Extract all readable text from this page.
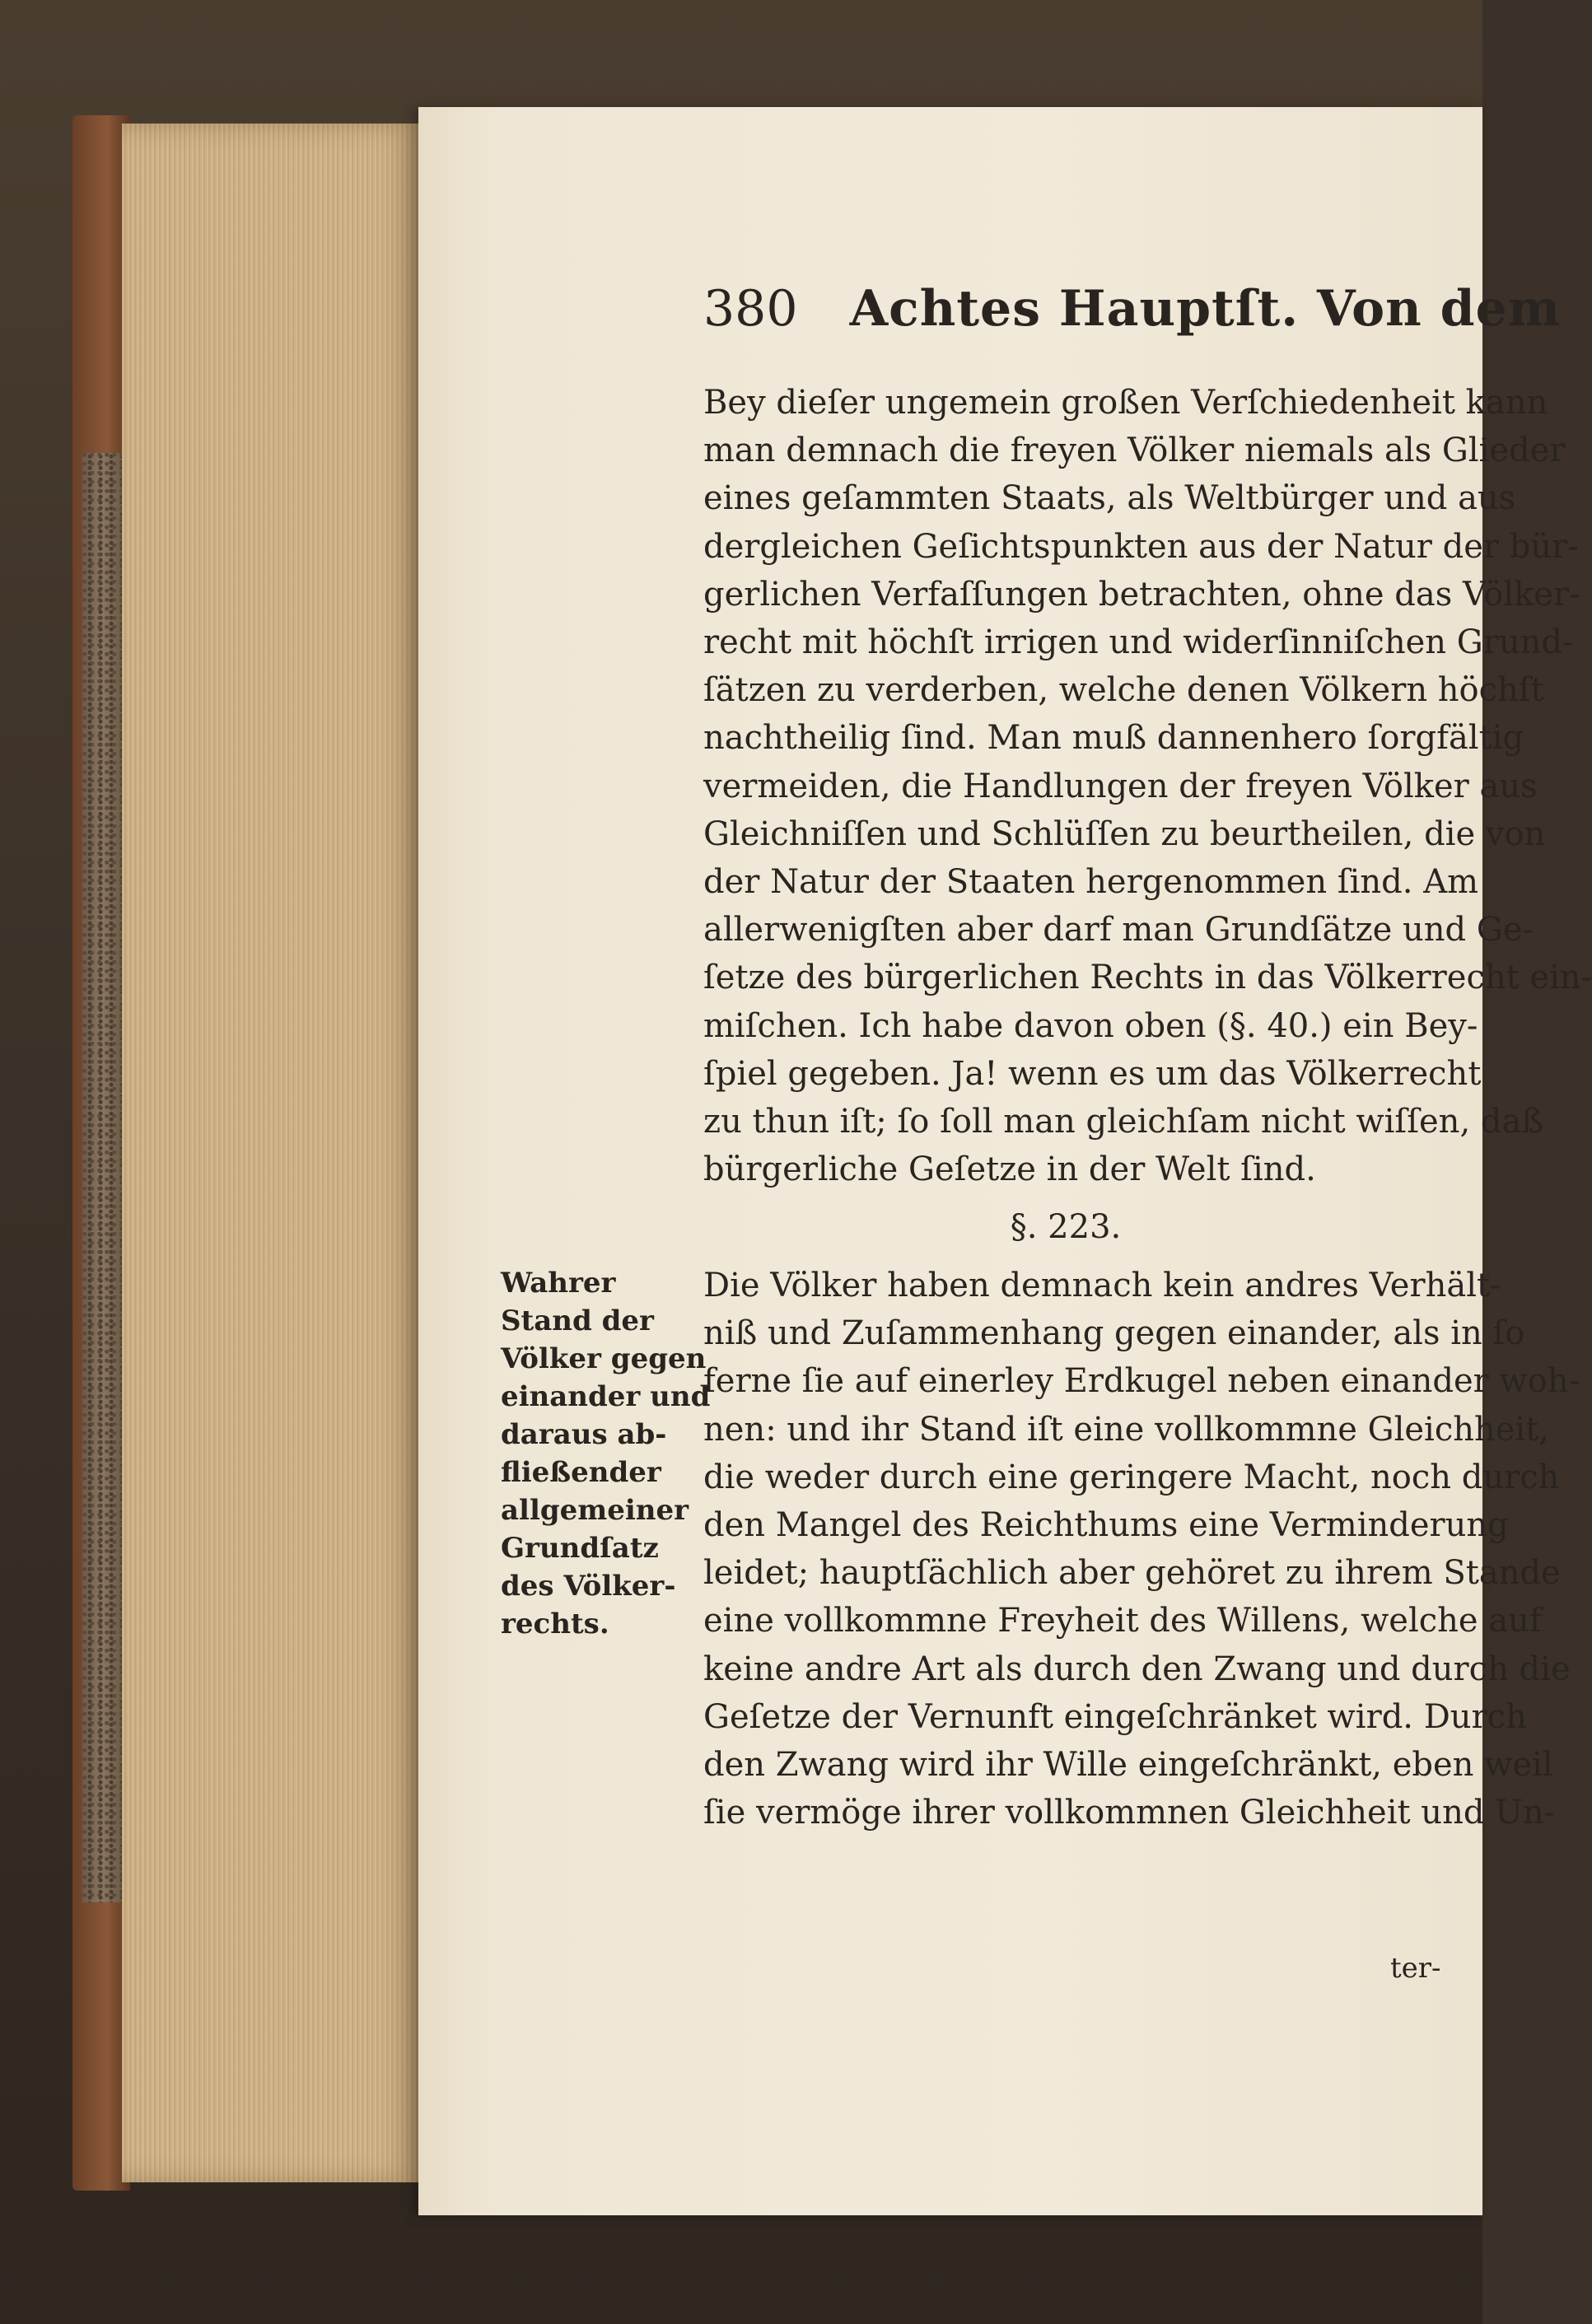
380 Achtes Hauptſt. Von dem
Bey dieſer ungemein großen Verſchiedenheit kann
man demnach die freyen Völker niemals als Glieder
eines geſammten Staats, als Weltbürger und aus
dergleichen Geſichtspunkten aus der Natur der bür-
gerlichen Verfaſſungen betrachten, ohne das Völker-
recht mit höchſt irrigen und widerſinniſchen Grund-
ſätzen zu verderben, welche denen Völkern höchſt
nachtheilig ſind. Man muß dannenhero ſorgfältig
vermeiden, die Handlungen der freyen Völker aus
Gleichniſſen und Schlüſſen zu beurtheilen, die von
der Natur der Staaten hergenommen ſind. Am
allerwenigſten aber darf man Grundſätze und Ge-
ſetze des bürgerlichen Rechts in das Völkerrecht ein-
miſchen. Ich habe davon oben (§. 40.) ein Bey-
ſpiel gegeben. Ja! wenn es um das Völkerrecht
zu thun iſt; ſo ſoll man gleichſam nicht wiſſen, daß
bürgerliche Geſetze in der Welt ſind.
§. 223.
Wahrer
Stand der
Völker gegen
einander und
daraus ab-
fließender
allgemeiner
Grundſatz
des Völker-
rechts.
Die Völker haben demnach kein andres Verhält-
niß und Zuſammenhang gegen einander, als in ſo
ferne ſie auf einerley Erdkugel neben einander woh-
nen: und ihr Stand iſt eine vollkommne Gleichheit,
die weder durch eine geringere Macht, noch durch
den Mangel des Reichthums eine Verminderung
leidet; hauptſächlich aber gehöret zu ihrem Stande
eine vollkommne Freyheit des Willens, welche auf
keine andre Art als durch den Zwang und durch die
Geſetze der Vernunft eingeſchränket wird. Durch
den Zwang wird ihr Wille eingeſchränkt, eben weil
ſie vermöge ihrer vollkommnen Gleichheit und Un-
ter-
